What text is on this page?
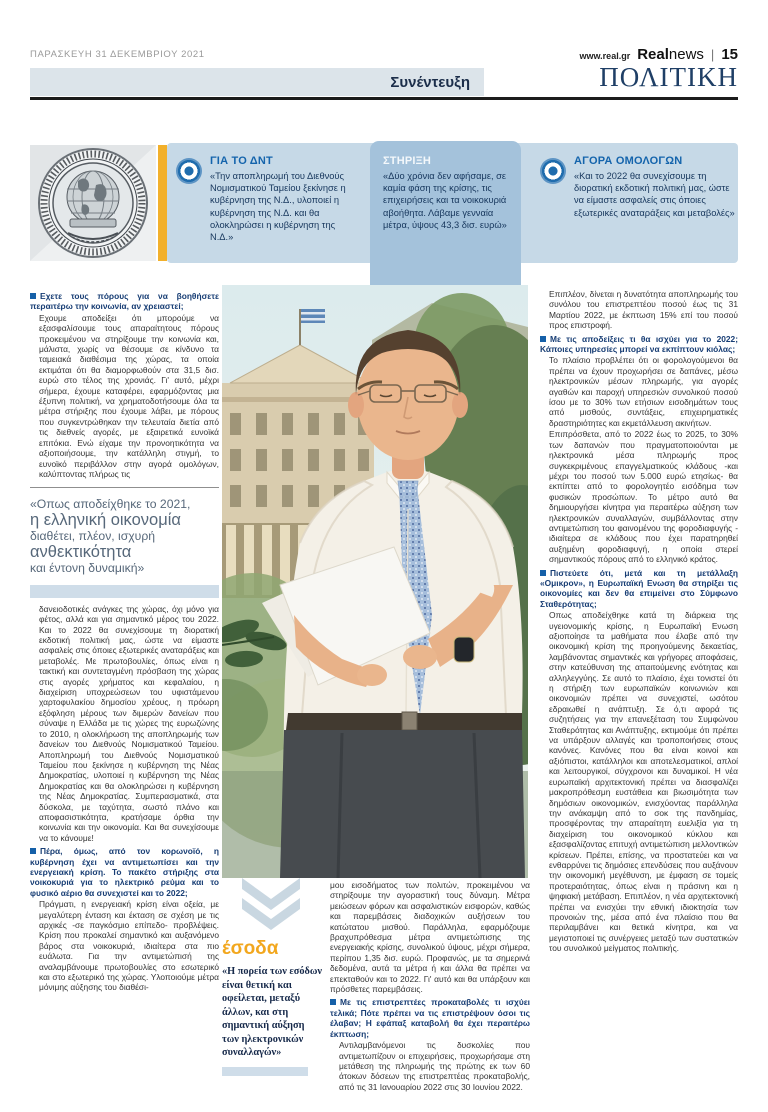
ΠΑΡΑΣΚΕΥΗ 31 ΔΕΚΕΜΒΡΙΟΥ 2021	www.real.gr Realnews | 15
Συνέντευξη	ΠΟΛΙΤΙΚΗ
ΓΙΑ ΤΟ ΔΝΤ
«Την αποπληρωμή του Διεθνούς Νομισματικού Ταμείου ξεκίνησε η κυβέρνηση της Ν.Δ., υλοποιεί η κυβέρνηση της Ν.Δ. και θα ολοκληρώσει η κυβέρνηση της Ν.Δ.»
ΣΤΗΡΙΞΗ
«Δύο χρόνια δεν αφήσαμε, σε καμία φάση της κρίσης, τις επιχειρήσεις και τα νοικοκυριά αβοήθητα. Λάβαμε γενναία μέτρα, ύψους 43,3 δισ. ευρώ»
ΑΓΟΡΑ ΟΜΟΛΟΓΩΝ
«Και το 2022 θα συνεχίσουμε τη διορατική εκδοτική πολιτική μας, ώστε να είμαστε ασφαλείς στις όποιες εξωτερικές αναταράξεις και μεταβολές»
Εχετε τους πόρους για να βοηθήσετε περαιτέρω την κοινωνία, αν χρειαστεί;
Εχουμε αποδείξει ότι μπορούμε να εξασφαλίσουμε τους απαραίτητους πόρους προκειμένου να στηρίξουμε την κοινωνία και, μάλιστα, χωρίς να θέσουμε σε κίνδυνο τα ταμειακά διαθέσιμα της χώρας, τα οποία εκτιμάται ότι θα διαμορφωθούν στα 31,5 δισ. ευρώ στο τέλος της χρονιάς. Γι' αυτό, μέχρι σήμερα, έχουμε καταφέρει, εφαρμόζοντας μια έξυπνη πολιτική, να χρηματοδοτήσουμε όλα τα μέτρα στήριξης που έχουμε λάβει, με πόρους που συγκεντρώθηκαν την τελευταία διετία από τις διεθνείς αγορές, με εξαιρετικά ευνοϊκά επιτόκια. Ενώ είχαμε την προνοητικότητα να αξιοποιήσουμε, την κατάλληλη στιγμή, το ευνοϊκό περιβάλλον στην αγορά ομολόγων, καλύπτοντας πλήρως τις
«Οπως αποδείχθηκε το 2021,
η ελληνική οικονομία
διαθέτει, πλέον, ισχυρή
ανθεκτικότητα
και έντονη δυναμική»
δανειοδοτικές ανάγκες της χώρας, όχι μόνο για φέτος, αλλά και για σημαντικό μέρος του 2022. Και το 2022 θα συνεχίσουμε τη διορατική εκδοτική πολιτική μας, ώστε να είμαστε ασφαλείς στις όποιες εξωτερικές αναταράξεις και μεταβολές. Με πρωτοβουλίες, όπως είναι η τακτική και συντεταγμένη πρόσβαση της χώρας στις αγορές χρήματος και κεφαλαίου, η διαχείριση υποχρεώσεων του υφιστάμενου χαρτοφυλακίου δημοσίου χρέους, η πρόωρη εξόφληση μέρους των διμερών δανείων που σύναψε η Ελλάδα με τις χώρες της ευρωζώνης το 2010, η ολοκλήρωση της αποπληρωμής των δανείων του Διεθνούς Νομισματικού Ταμείου. Αποπληρωμή του Διεθνούς Νομισματικού Ταμείου που ξεκίνησε η κυβέρνηση της Νέας Δημοκρατίας, υλοποιεί η κυβέρνηση της Νέας Δημοκρατίας και θα ολοκληρώσει η κυβέρνηση της Νέας Δημοκρατίας. Συμπερασματικά, στα δύσκολα, με ταχύτητα, σωστό πλάνο και αποφασιστικότητα, κρατήσαμε όρθια την κοινωνία και την οικονομία. Και θα συνεχίσουμε να το κάνουμε!
Πέρα, όμως, από τον κορωνοϊό, η κυβέρνηση έχει να αντιμετωπίσει και την ενεργειακή κρίση. Το πακέτο στήριξης στα νοικοκυριά για το ηλεκτρικό ρεύμα και το φυσικό αέριο θα συνεχιστεί και το 2022;
Πράγματι, η ενεργειακή κρίση είναι οξεία, με μεγαλύτερη ένταση και έκταση σε σχέση με τις αρχικές -σε παγκόσμιο επίπεδο- προβλέψεις. Κρίση που προκαλεί σημαντικό και αυξανόμενο βάρος στα νοικοκυριά, ιδιαίτερα στα πιο ευάλωτα. Για την αντιμετώπισή της αναλαμβάνουμε πρωτοβουλίες στο εσωτερικό και στο εξωτερικό της χώρας. Υλοποιούμε μέτρα μόνιμης αύξησης του διαθέσι-
έσοδα
«Η πορεία των εσόδων είναι θετική και οφείλεται, μεταξύ άλλων, και στη σημαντική αύξηση των ηλεκτρονικών συναλλαγών»
μου εισοδήματος των πολιτών, προκειμένου να στηρίξουμε την αγοραστική τους δύναμη. Μέτρα μειώσεων φόρων και ασφαλιστικών εισφορών, καθώς και παρεμβάσεις διαδοχικών αυξήσεων του κατώτατου μισθού. Παράλληλα, εφαρμόζουμε βραχυπρόθεσμα μέτρα αντιμετώπισης της ενεργειακής κρίσης, συνολικού ύψους, μέχρι σήμερα, περίπου 1,35 δισ. ευρώ. Προφανώς, με τα σημερινά δεδομένα, αυτά τα μέτρα ή και άλλα θα πρέπει να επεκταθούν και το 2022. Γι' αυτό και θα υπάρξουν και πρόσθετες παρεμβάσεις.
Με τις επιστρεπτέες προκαταβολές τι ισχύει τελικά; Πότε πρέπει να τις επιστρέψουν όσοι τις έλαβαν; Η εφάπαξ καταβολή θα έχει περαιτέρω έκπτωση;
Αντιλαμβανόμενοι τις δυσκολίες που αντιμετωπίζουν οι επιχειρήσεις, προχωρήσαμε στη μετάθεση της πληρωμής της πρώτης εκ των 60 άτοκων δόσεων της επιστρεπτέας προκαταβολής, από τις 31 Ιανουαρίου 2022 στις 30 Ιουνίου 2022.
Επιπλέον, δίνεται η δυνατότητα αποπληρωμής του συνόλου του επιστρεπτέου ποσού έως τις 31 Μαρτίου 2022, με έκπτωση 15% επί του ποσού προς επιστροφή.
Με τις αποδείξεις τι θα ισχύει για το 2022; Κάποιες υπηρεσίες μπορεί να εκπίπτουν κιόλας;
Το πλαίσιο προβλέπει ότι οι φορολογούμενοι θα πρέπει να έχουν προχωρήσει σε δαπάνες, μέσω ηλεκτρονικών μέσων πληρωμής, για αγορές αγαθών και παροχή υπηρεσιών συνολικού ποσού ίσου με το 30% των ετήσιων εισοδημάτων τους από μισθούς, συντάξεις, επιχειρηματικές δραστηριότητες και εκμετάλλευση ακινήτων.
Επιπρόσθετα, από το 2022 έως το 2025, το 30% των δαπανών που πραγματοποιούνται με ηλεκτρονικά μέσα πληρωμής προς συγκεκριμένους επαγγελματικούς κλάδους -και μέχρι του ποσού των 5.000 ευρώ ετησίως- θα εκπίπτει από το φορολογητέο εισόδημα των φυσικών προσώπων. Το μέτρο αυτό θα δημιουργήσει κίνητρα για περαιτέρω αύξηση των ηλεκτρονικών συναλλαγών, συμβάλλοντας στην αντιμετώπιση του φαινομένου της φοροδιαφυγής - ιδιαίτερα σε κλάδους που έχει παρατηρηθεί αυξημένη φοροδιαφυγή, η οποία στερεί σημαντικούς πόρους από το ελληνικό κράτος.
Πιστεύετε ότι, μετά και τη μετάλλαξη «Ομικρον», η Ευρωπαϊκή Ενωση θα στηρίξει τις οικονομίες και δεν θα επιμείνει στο Σύμφωνο Σταθερότητας;
Οπως αποδείχθηκε κατά τη διάρκεια της υγειονομικής κρίσης, η Ευρωπαϊκή Ενωση αξιοποίησε τα μαθήματα που έλαβε από την οικονομική κρίση της προηγούμενης δεκαετίας, λαμβάνοντας σημαντικές και γρήγορες αποφάσεις, στην κατεύθυνση της απαιτούμενης ενότητας και αλληλεγγύης. Σε αυτό το πλαίσιο, έχει τονιστεί ότι η στήριξη των ευρωπαϊκών κοινωνιών και οικονομιών πρέπει να συνεχιστεί, ωσότου εδραιωθεί η ανάπτυξη. Σε ό,τι αφορά τις συζητήσεις για την επανεξέταση του Συμφώνου Σταθερότητας και Ανάπτυξης, εκτιμούμε ότι πρέπει να υπάρξουν αλλαγές και τροποποιήσεις στους κανόνες. Κανόνες που θα είναι κοινοί και αξιόπιστοι, κατάλληλοι και αποτελεσματικοί, απλοί και λειτουργικοί, σύγχρονοι και δυναμικοί. Η νέα ευρωπαϊκή αρχιτεκτονική πρέπει να διασφαλίζει μακροπρόθεσμη ευστάθεια και βιωσιμότητα των δημόσιων οικονομικών, ενισχύοντας παράλληλα την ανάκαμψη από το σοκ της πανδημίας, προσφέροντας την απαραίτητη ευελιξία για τη διαχείριση του οικονομικού κύκλου και εξασφαλίζοντας επιτυχή αντιμετώπιση μελλοντικών κρίσεων. Πρέπει, επίσης, να προστατεύει και να ενθαρρύνει τις δημόσιες επενδύσεις που αυξάνουν την οικονομική μεγέθυνση, με έμφαση σε τομείς προτεραιότητας, όπως είναι η πράσινη και η ψηφιακή μετάβαση. Επιπλέον, η νέα αρχιτεκτονική πρέπει να ενισχύει την εθνική ιδιοκτησία των προνοιών της, μέσα από ένα πλαίσιο που θα περιλαμβάνει και θετικά κίνητρα, και να μεγιστοποιεί τις συνέργειες μεταξύ των συστατικών του συνολικού μείγματος πολιτικής.
